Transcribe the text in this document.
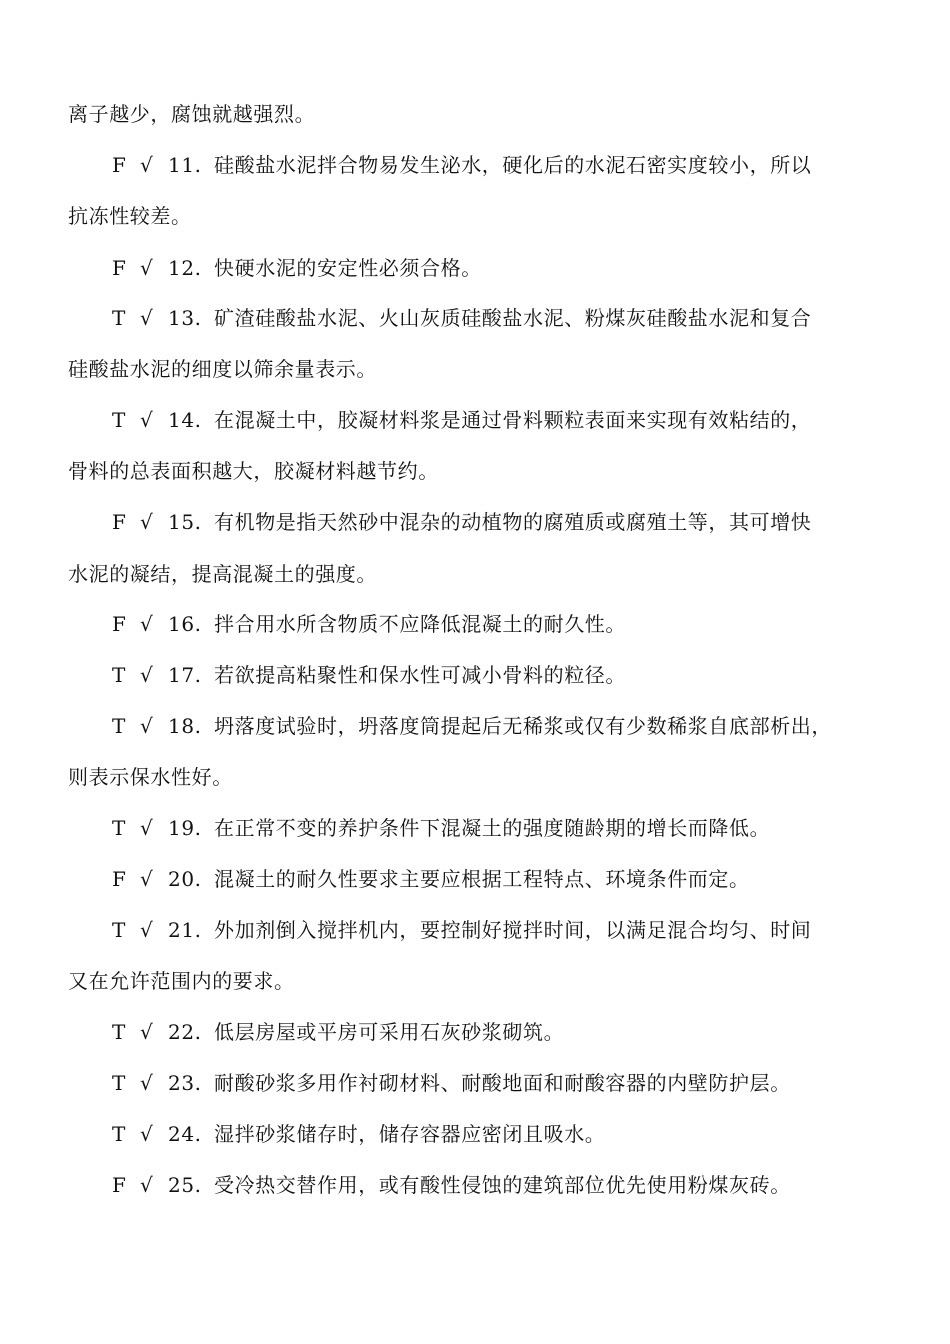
离子越少，腐蚀就越强烈。
F √ 11. 硅酸盐水泥拌合物易发生泌水，硬化后的水泥石密实度较小，所以
抗冻性较差。
F √ 12. 快硬水泥的安定性必须合格。
T √ 13. 矿渣硅酸盐水泥、火山灰质硅酸盐水泥、粉煤灰硅酸盐水泥和复合
硅酸盐水泥的细度以筛余量表示。
T √ 14. 在混凝土中，胶凝材料浆是通过骨料颗粒表面来实现有效粘结的，
骨料的总表面积越大，胶凝材料越节约。
F √ 15. 有机物是指天然砂中混杂的动植物的腐殖质或腐殖土等，其可增快
水泥的凝结，提高混凝土的强度。
F √ 16. 拌合用水所含物质不应降低混凝土的耐久性。
T √ 17. 若欲提高粘聚性和保水性可减小骨料的粒径。
T √ 18. 坍落度试验时，坍落度筒提起后无稀浆或仅有少数稀浆自底部析出，
则表示保水性好。
T √ 19. 在正常不变的养护条件下混凝土的强度随龄期的增长而降低。
F √ 20. 混凝土的耐久性要求主要应根据工程特点、环境条件而定。
T √ 21. 外加剂倒入搅拌机内，要控制好搅拌时间，以满足混合均匀、时间
又在允许范围内的要求。
T √ 22. 低层房屋或平房可采用石灰砂浆砌筑。
T √ 23. 耐酸砂浆多用作衬砌材料、耐酸地面和耐酸容器的内壁防护层。
T √ 24. 湿拌砂浆储存时，储存容器应密闭且吸水。
F √ 25. 受冷热交替作用，或有酸性侵蚀的建筑部位优先使用粉煤灰砖。
